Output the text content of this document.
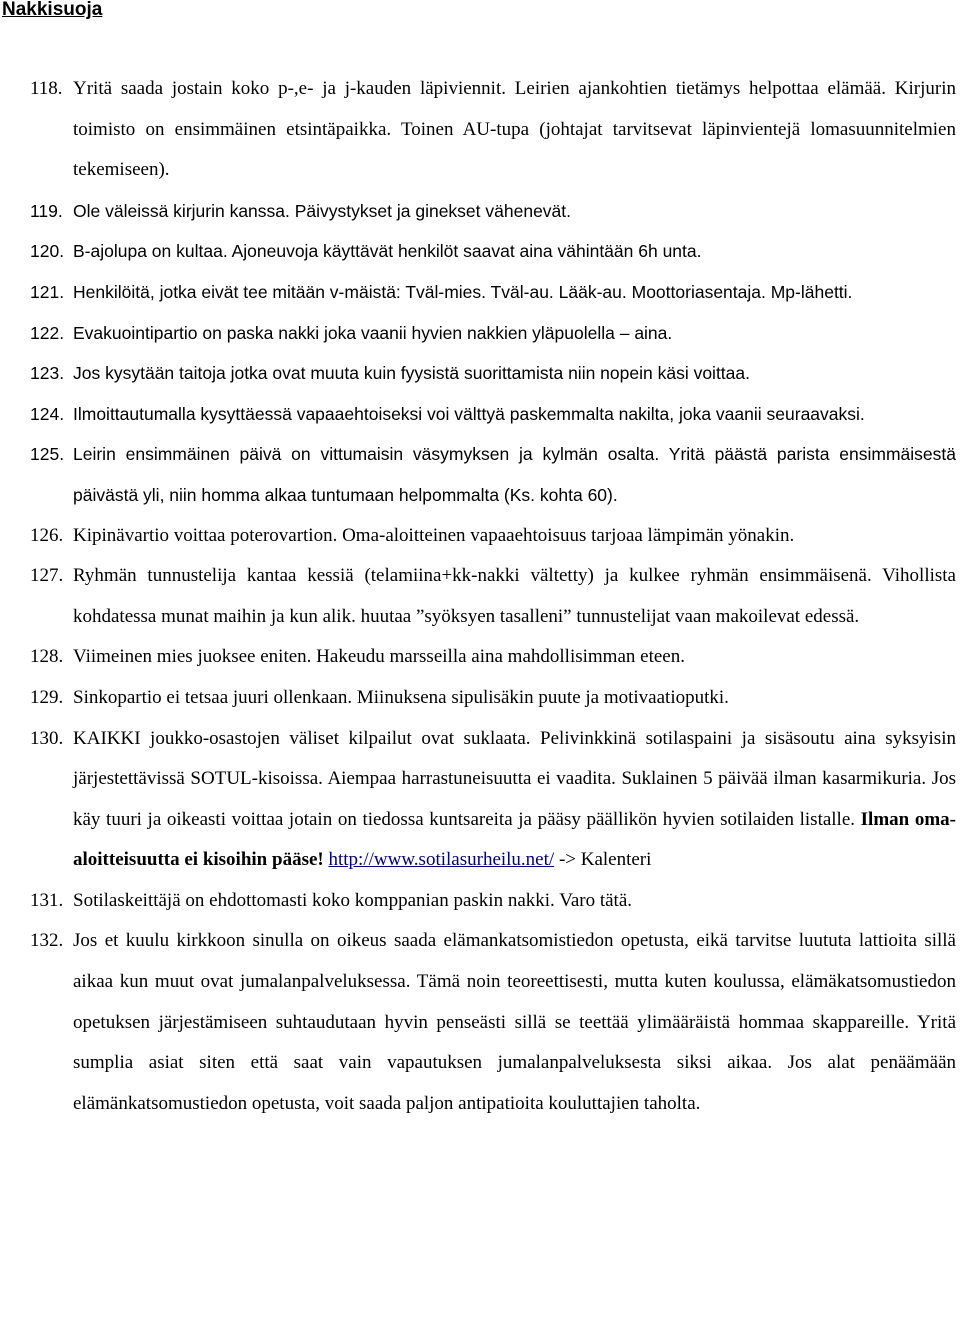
Nakkisuoja
118. Yritä saada jostain koko p-,e- ja j-kauden läpiviennit. Leirien ajankohtien tietämys helpottaa elämää. Kirjurin toimisto on ensimmäinen etsintäpaikka. Toinen AU-tupa (johtajat tarvitsevat läpinvientejä lomasuunnitelmien tekemiseen).
119. Ole väleissä kirjurin kanssa. Päivystykset ja ginekset vähenevät.
120. B-ajolupa on kultaa. Ajoneuvoja käyttävät henkilöt saavat aina vähintään 6h unta.
121. Henkilöitä, jotka eivät tee mitään v-mäistä: Tväl-mies. Tväl-au. Lääk-au. Moottoriasentaja. Mp-lähetti.
122. Evakuointipartio on paska nakki joka vaanii hyvien nakkien yläpuolella – aina.
123. Jos kysytään taitoja jotka ovat muuta kuin fyysistä suorittamista niin nopein käsi voittaa.
124. Ilmoittautumalla kysyttäessä vapaaehtoiseksi voi välttyä paskemmalta nakilta, joka vaanii seuraavaksi.
125. Leirin ensimmäinen päivä on vittumaisin väsymyksen ja kylmän osalta. Yritä päästä parista ensimmäisestä päivästä yli, niin homma alkaa tuntumaan helpommalta (Ks. kohta 60).
126. Kipinävartio voittaa poterovartion. Oma-aloitteinen vapaaehtoisuus tarjoaa lämpimän yönakin.
127. Ryhmän tunnustelija kantaa kessiä (telamiina+kk-nakki vältetty) ja kulkee ryhmän ensimmäisenä. Vihollista kohdatessa munat maihin ja kun alik. huutaa ”syöksyen tasalleni” tunnustelijat vaan makoilevat edessä.
128. Viimeinen mies juoksee eniten. Hakeudu marsseilla aina mahdollisimman eteen.
129. Sinkopartio ei tetsaa juuri ollenkaan. Miinuksena sipulisäkin puute ja motivaatioputki.
130. KAIKKI joukko-osastojen väliset kilpailut ovat suklaata. Pelivinkkinä sotilaspaini ja sisäsoutu aina syksyisin järjestettävissä SOTUL-kisoissa. Aiempaa harrastuneisuutta ei vaadita. Suklainen 5 päivää ilman kasarmikuria. Jos käy tuuri ja oikeasti voittaa jotain on tiedossa kuntsareita ja pääsy päällikön hyvien sotilaiden listalle. Ilman oma-aloitteisuutta ei kisoihin pääse! http://www.sotilasurheilu.net/ -> Kalenteri
131. Sotilaskeittäjä on ehdottomasti koko komppanian paskin nakki. Varo tätä.
132. Jos et kuulu kirkkoon sinulla on oikeus saada elämankatsomistiedon opetusta, eikä tarvitse luututa lattioita sillä aikaa kun muut ovat jumalanpalveluksessa. Tämä noin teoreettisesti, mutta kuten koulussa, elämäkatsomustiedon opetuksen järjestämiseen suhtaudutaan hyvin penseästi sillä se teettää ylimääräistä hommaa skappareille. Yritä sumplia asiat siten että saat vain vapautuksen jumalanpalveluksesta siksi aikaa. Jos alat penäämään elämänkatsomustiedon opetusta, voit saada paljon antipatioita kouluttajien taholta.
